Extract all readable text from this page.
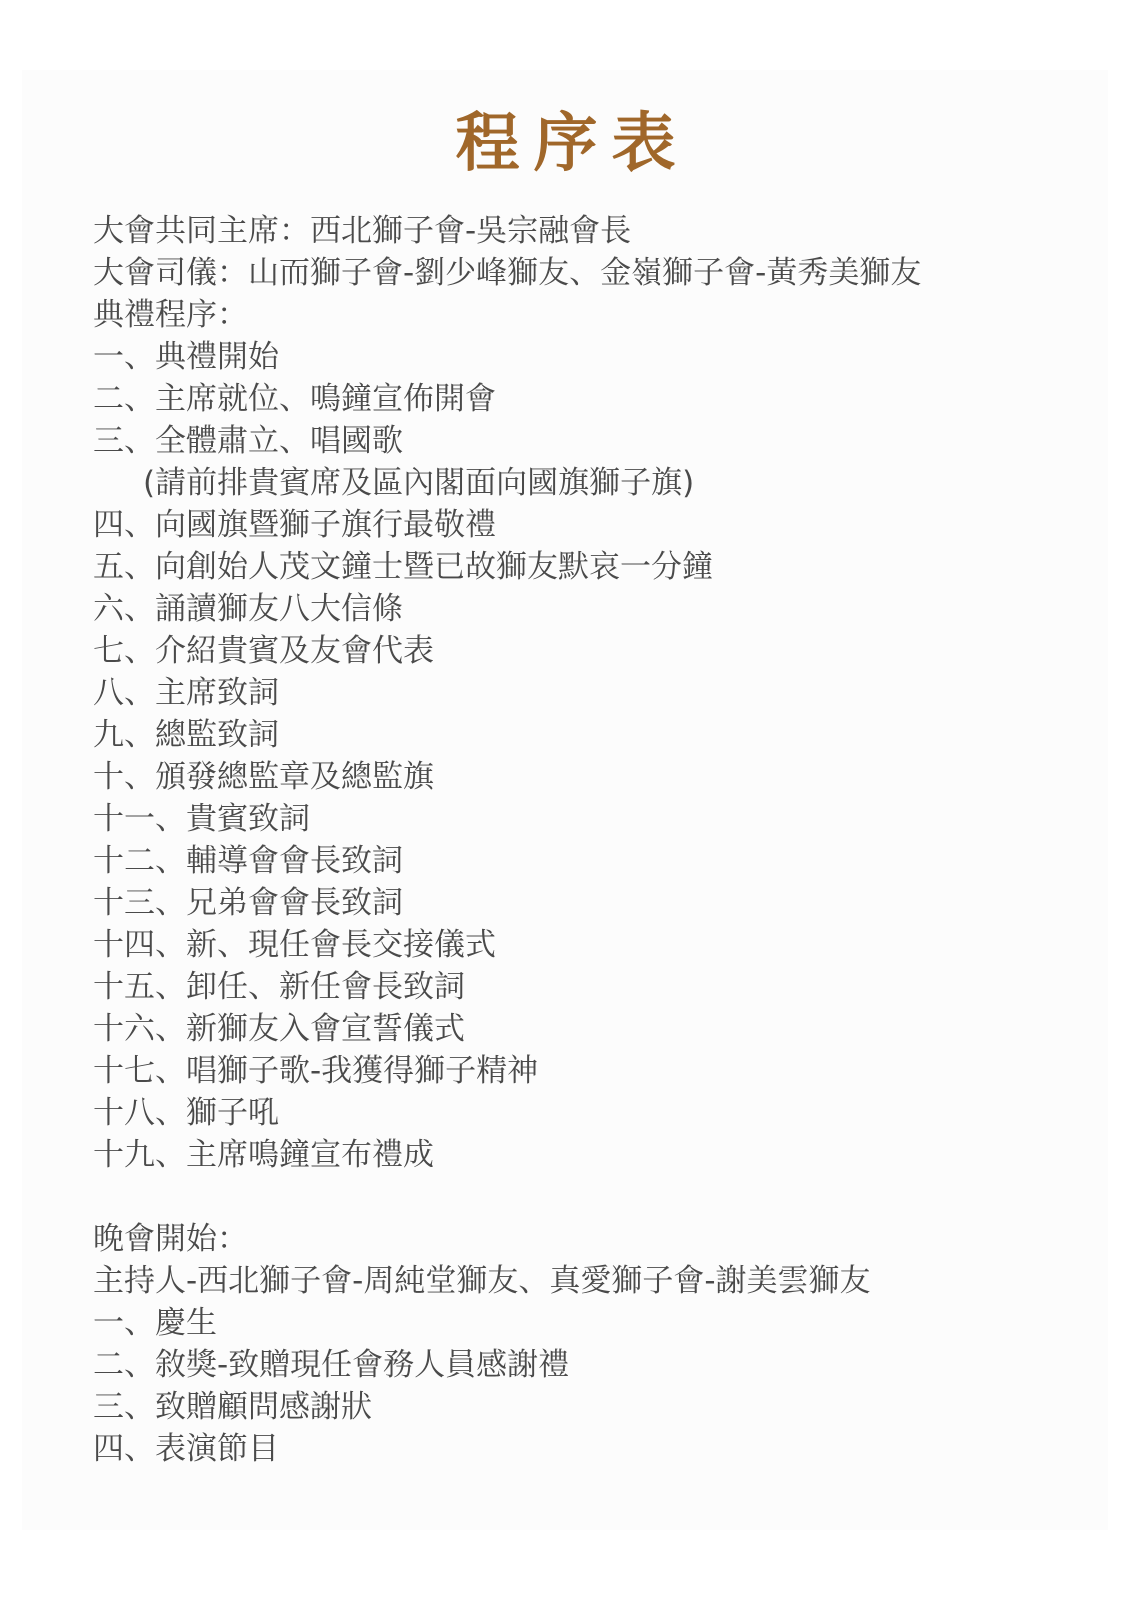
程序表
大會共同主席：西北獅子會-吳宗融會長
大會司儀：山而獅子會-劉少峰獅友、金嶺獅子會-黃秀美獅友
典禮程序：
一、典禮開始
二、主席就位、鳴鐘宣佈開會
三、全體肅立、唱國歌
(請前排貴賓席及區內閣面向國旗獅子旗)
四、向國旗暨獅子旗行最敬禮
五、向創始人茂文鐘士暨已故獅友默哀一分鐘
六、誦讀獅友八大信條
七、介紹貴賓及友會代表
八、主席致詞
九、總監致詞
十、頒發總監章及總監旗
十一、貴賓致詞
十二、輔導會會長致詞
十三、兄弟會會長致詞
十四、新、現任會長交接儀式
十五、卸任、新任會長致詞
十六、新獅友入會宣誓儀式
十七、唱獅子歌-我獲得獅子精神
十八、獅子吼
十九、主席鳴鐘宣布禮成
晚會開始：
主持人-西北獅子會-周純堂獅友、真愛獅子會-謝美雲獅友
一、慶生
二、敘獎-致贈現任會務人員感謝禮
三、致贈顧問感謝狀
四、表演節目
